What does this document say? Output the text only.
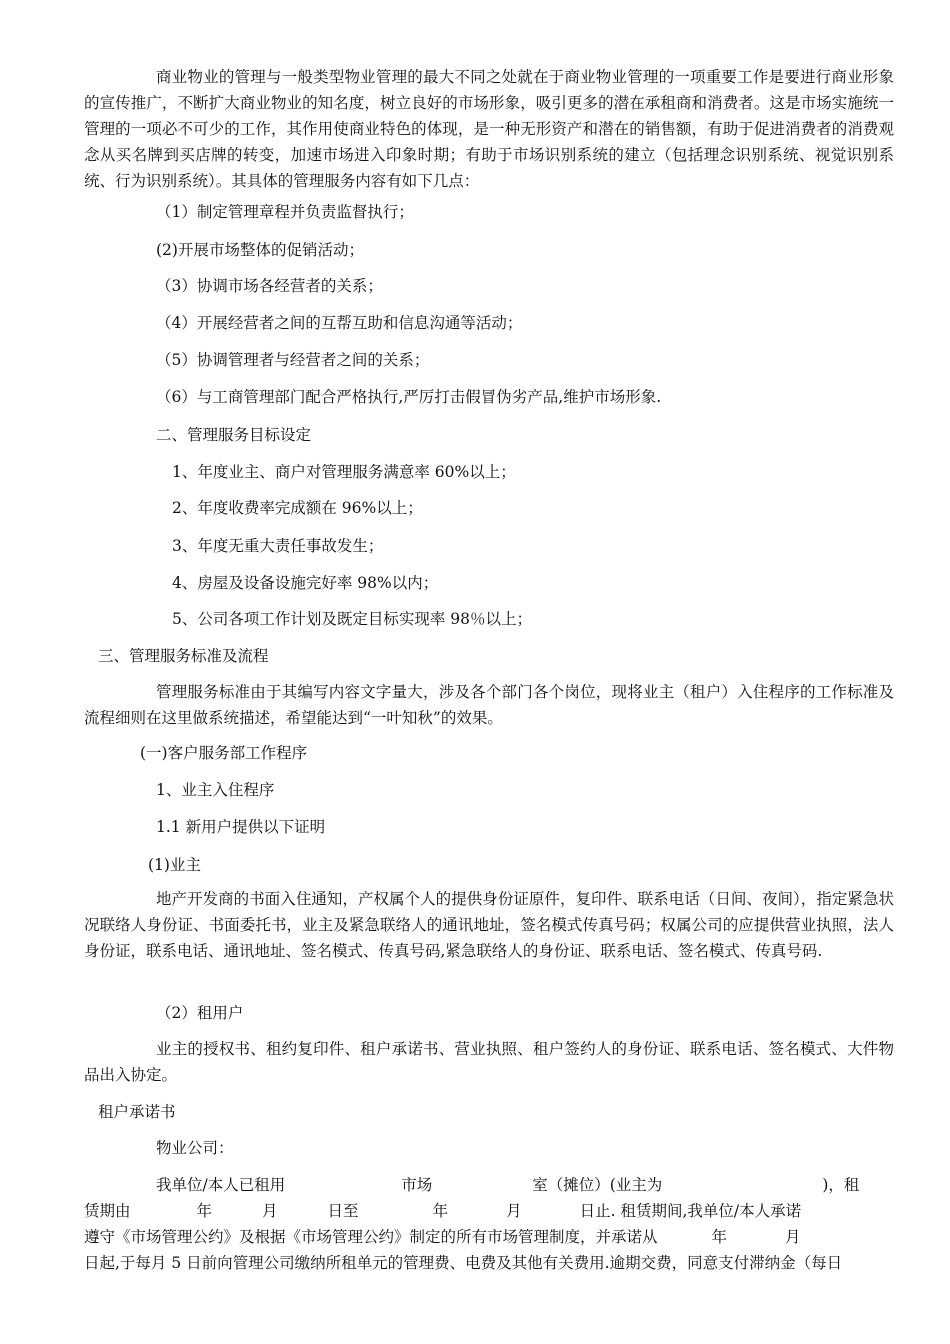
商业物业的管理与一般类型物业管理的最大不同之处就在于商业物业管理的一项重要工作是要进行商业形象的宣传推广，不断扩大商业物业的知名度，树立良好的市场形象，吸引更多的潜在承租商和消费者。这是市场实施统一管理的一项必不可少的工作，其作用使商业特色的体现，是一种无形资产和潜在的销售额，有助于促进消费者的消费观念从买名牌到买店牌的转变，加速市场进入印象时期；有助于市场识别系统的建立（包括理念识别系统、视觉识别系统、行为识别系统）。其具体的管理服务内容有如下几点：

（1）制定管理章程并负责监督执行；
(2)开展市场整体的促销活动；
（3）协调市场各经营者的关系；
（4）开展经营者之间的互帮互助和信息沟通等活动；
（5）协调管理者与经营者之间的关系；
（6）与工商管理部门配合严格执行,严厉打击假冒伪劣产品,维护市场形象.
二、管理服务目标设定
1、年度业主、商户对管理服务满意率 60%以上；
2、年度收费率完成额在 96%以上；
3、年度无重大责任事故发生；
4、房屋及设备设施完好率 98%以内；
5、公司各项工作计划及既定目标实现率 98％以上；
三、管理服务标准及流程

管理服务标准由于其编写内容文字量大，涉及各个部门各个岗位，现将业主（租户）入住程序的工作标准及流程细则在这里做系统描述，希望能达到“一叶知秋”的效果。

(一)客户服务部工作程序
1、业主入住程序
1.1 新用户提供以下证明
(1)业主

地产开发商的书面入住通知，产权属个人的提供身份证原件，复印件、联系电话（日间、夜间），指定紧急状况联络人身份证、书面委托书，业主及紧急联络人的通讯地址，签名模式传真号码；权属公司的应提供营业执照，法人身份证，联系电话、通讯地址、签名模式、传真号码,紧急联络人的身份证、联系电话、签名模式、传真号码.

（2）租用户

业主的授权书、租约复印件、租户承诺书、营业执照、租户签约人的身份证、联系电话、签名模式、大件物品出入协定。

租户承诺书
物业公司：
我单位/本人已租用	市场	室（摊位）(业主为	)，租
赁期由	年	月	日至	年	月	日止. 租赁期间,我单位/本人承诺
遵守《市场管理公约》及根据《市场管理公约》制定的所有市场管理制度，并承诺从	年	月
日起,于每月 5 日前向管理公司缴纳所租单元的管理费、电费及其他有关费用.逾期交费，同意支付滞纳金（每日
